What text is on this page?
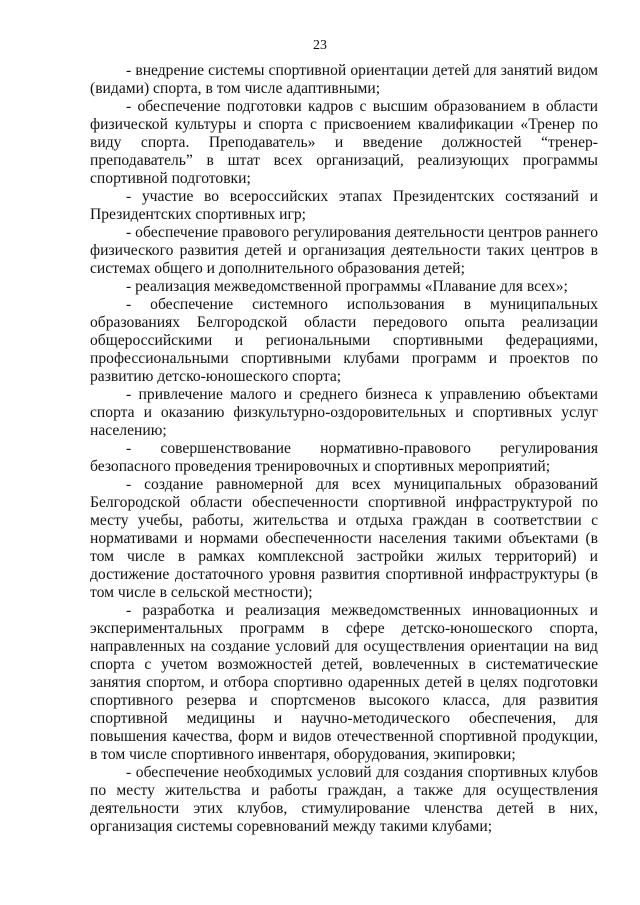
23

- внедрение системы спортивной ориентации детей для занятий видом (видами) спорта, в том числе адаптивными;

- обеспечение подготовки кадров с высшим образованием в области физической культуры и спорта с присвоением квалификации «Тренер по виду спорта. Преподаватель» и введение должностей “тренер-преподаватель” в штат всех организаций, реализующих программы спортивной подготовки;

- участие во всероссийских этапах Президентских состязаний и Президентских спортивных игр;

- обеспечение правового регулирования деятельности центров раннего физического развития детей и организация деятельности таких центров в системах общего и дополнительного образования детей;

- реализация межведомственной программы «Плавание для всех»;

- обеспечение системного использования в муниципальных образованиях Белгородской области передового опыта реализации общероссийскими и региональными спортивными федерациями, профессиональными спортивными клубами программ и проектов по развитию детско-юношеского спорта;

- привлечение малого и среднего бизнеса к управлению объектами спорта и оказанию физкультурно-оздоровительных и спортивных услуг населению;

- совершенствование нормативно-правового регулирования безопасного проведения тренировочных и спортивных мероприятий;

- создание равномерной для всех муниципальных образований Белгородской области обеспеченности спортивной инфраструктурой по месту учебы, работы, жительства и отдыха граждан в соответствии с нормативами и нормами обеспеченности населения такими объектами (в том числе в рамках комплексной застройки жилых территорий) и достижение достаточного уровня развития спортивной инфраструктуры (в том числе в сельской местности);

- разработка и реализация межведомственных инновационных и экспериментальных программ в сфере детско-юношеского спорта, направленных на создание условий для осуществления ориентации на вид спорта с учетом возможностей детей, вовлеченных в систематические занятия спортом, и отбора спортивно одаренных детей в целях подготовки спортивного резерва и спортсменов высокого класса, для развития спортивной медицины и научно-методического обеспечения, для повышения качества, форм и видов отечественной спортивной продукции, в том числе спортивного инвентаря, оборудования, экипировки;

- обеспечение необходимых условий для создания спортивных клубов по месту жительства и работы граждан, а также для осуществления деятельности этих клубов, стимулирование членства детей в них, организация системы соревнований между такими клубами;
